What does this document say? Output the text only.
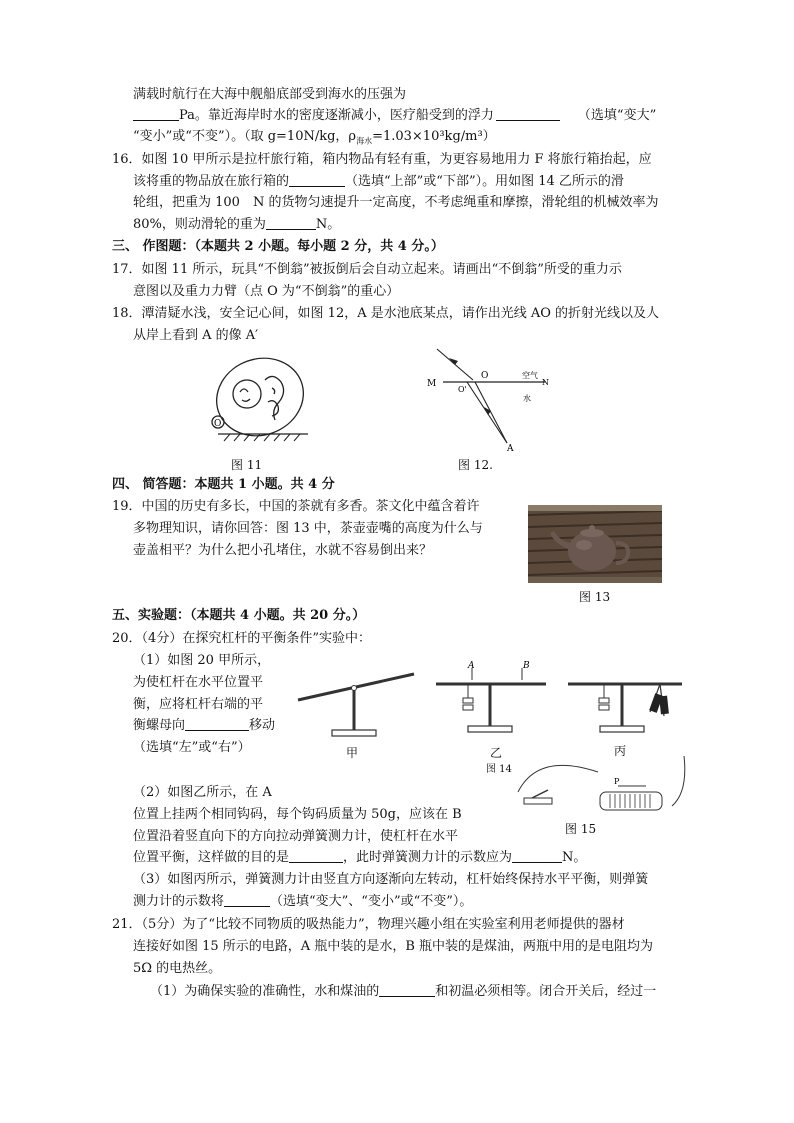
满载时航行在大海中舰船底部受到海水的压强为
Pa。靠近海岸时水的密度逐渐减小，医疗船受到的浮力	（选填“变大”
“变小”或“不变”）。（取 g=10N/kg，$\rho_{海水}=1.03\times 10^3kg/m^3$）
16．如图 10 甲所示是拉杆旅行箱，箱内物品有轻有重，为更容易地用力 F 将旅行箱抬起，应
该将重的物品放在旅行箱的	（选填“上部”或“下部”）。用如图 14 乙所示的滑
轮组，把重为 100　N 的货物匀速提升一定高度，不考虑绳重和摩擦，滑轮组的机械效率为
80%，则动滑轮的重为	N。
三、 作图题：（本题共 2 小题。每小题 2 分，共 4 分。）
17．如图 11 所示，玩具“不倒翁”被扳倒后会自动立起来。请画出“不倒翁”所受的重力示
意图以及重力力臂（点 O 为“不倒翁”的重心）
18．潭清疑水浅，安全记心间，如图 12，A 是水池底某点，请作出光线 AO 的折射光线以及人
从岸上看到 A 的像 A′
O
图 11
M
O'
O	空气
N
水
A
图 12.
四、 简答题：本题共 1 小题。共 4 分
19．中国的历史有多长，中国的茶就有多香。茶文化中蕴含着许
多物理知识，请你回答：图 13 中，茶壶壶嘴的高度为什么与
壶盖相平？为什么把小孔堵住，水就不容易倒出来？
图 13
五、实验题：（本题共 4 小题。共 20 分。）
20．（4分）在探究杠杆的平衡条件”实验中：
（1）如图 20 甲所示，
为使杠杆在水平位置平
衡，应将杠杆右端的平
衡螺母向	移动
（选填“左”或“右”）	甲
A	B
乙	丙
图 14
P
图 15
（2）如图乙所示，在 A
位置上挂两个相同钩码，每个钩码质量为 50g，应该在 B
位置沿着竖直向下的方向拉动弹簧测力计，使杠杆在水平
位置平衡，这样做的目的是	，此时弹簧测力计的示数应为	N。
（3）如图丙所示，弹簧测力计由竖直方向逐渐向左转动，杠杆始终保持水平平衡，则弹簧
测力计的示数将	（选填“变大”、“变小”或“不变”）。
21．（5分）为了“比较不同物质的吸热能力”，物理兴趣小组在实验室利用老师提供的器材
连接好如图 15 所示的电路，A 瓶中装的是水，B 瓶中装的是煤油，两瓶中用的是电阻均为
5Ω 的电热丝。
（1）为确保实验的准确性，水和煤油的	和初温必须相等。闭合开关后，经过一
